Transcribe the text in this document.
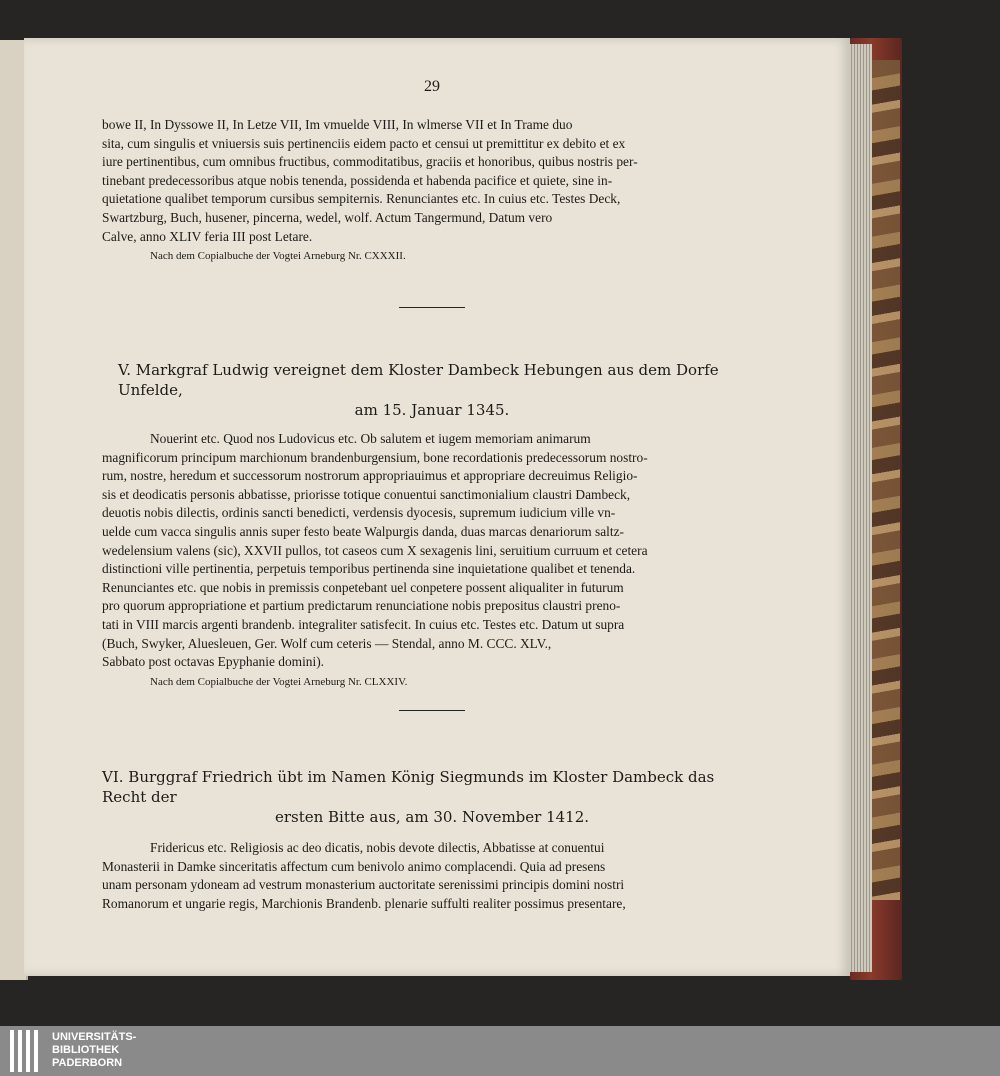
29

bowe II, In Dyssowe II, In Letze VII, Im vmuelde VIII, In wlmerse VII et In Trame duo

sita, cum singulis et vniuersis suis pertinenciis eidem pacto et censui ut premittitur ex debito et ex

iure pertinentibus, cum omnibus fructibus, commoditatibus, graciis et honoribus, quibus nostris per-

tinebant predecessoribus atque nobis tenenda, possidenda et habenda pacifice et quiete, sine in-

quietatione qualibet temporum cursibus sempiternis. Renunciantes etc. In cuius etc. Testes Deck,

Swartzburg, Buch, husener, pincerna, wedel, wolf. Actum Tangermund, Datum vero

Calve, anno XLIV feria III post Letare.

Nach dem Copialbuche der Vogtei Arneburg Nr. CXXXII.

V. Markgraf Ludwig vereignet dem Kloster Dambeck Hebungen aus dem Dorfe Unfelde,

am 15. Januar 1345.

Nouerint etc. Quod nos Ludovicus etc. Ob salutem et iugem memoriam animarum

magnificorum principum marchionum brandenburgensium, bone recordationis predecessorum nostro-

rum, nostre, heredum et successorum nostrorum appropriauimus et appropriare decreuimus Religio-

sis et deodicatis personis abbatisse, priorisse totique conuentui sanctimonialium claustri Dambeck,

deuotis nobis dilectis, ordinis sancti benedicti, verdensis dyocesis, supremum iudicium ville vn-

uelde cum vacca singulis annis super festo beate Walpurgis danda, duas marcas denariorum saltz-

wedelensium valens (sic), XXVII pullos, tot caseos cum X sexagenis lini, seruitium curruum et cetera

distinctioni ville pertinentia, perpetuis temporibus pertinenda sine inquietatione qualibet et tenenda.

Renunciantes etc. que nobis in premissis conpetebant uel conpetere possent aliqualiter in futurum

pro quorum appropriatione et partium predictarum renunciatione nobis prepositus claustri preno-

tati in VIII marcis argenti brandenb. integraliter satisfecit. In cuius etc. Testes etc. Datum ut supra

(Buch, Swyker, Aluesleuen, Ger. Wolf cum ceteris — Stendal, anno M. CCC. XLV.,

Sabbato post octavas Epyphanie domini).

Nach dem Copialbuche der Vogtei Arneburg Nr. CLXXIV.

VI. Burggraf Friedrich übt im Namen König Siegmunds im Kloster Dambeck das Recht der

ersten Bitte aus, am 30. November 1412.

Fridericus etc. Religiosis ac deo dicatis, nobis devote dilectis, Abbatisse at conuentui

Monasterii in Damke sinceritatis affectum cum benivolo animo complacendi. Quia ad presens

unam personam ydoneam ad vestrum monasterium auctoritate serenissimi principis domini nostri

Romanorum et ungarie regis, Marchionis Brandenb. plenarie suffulti realiter possimus presentare,

UNIVERSITÄTS-
BIBLIOTHEK
PADERBORN
